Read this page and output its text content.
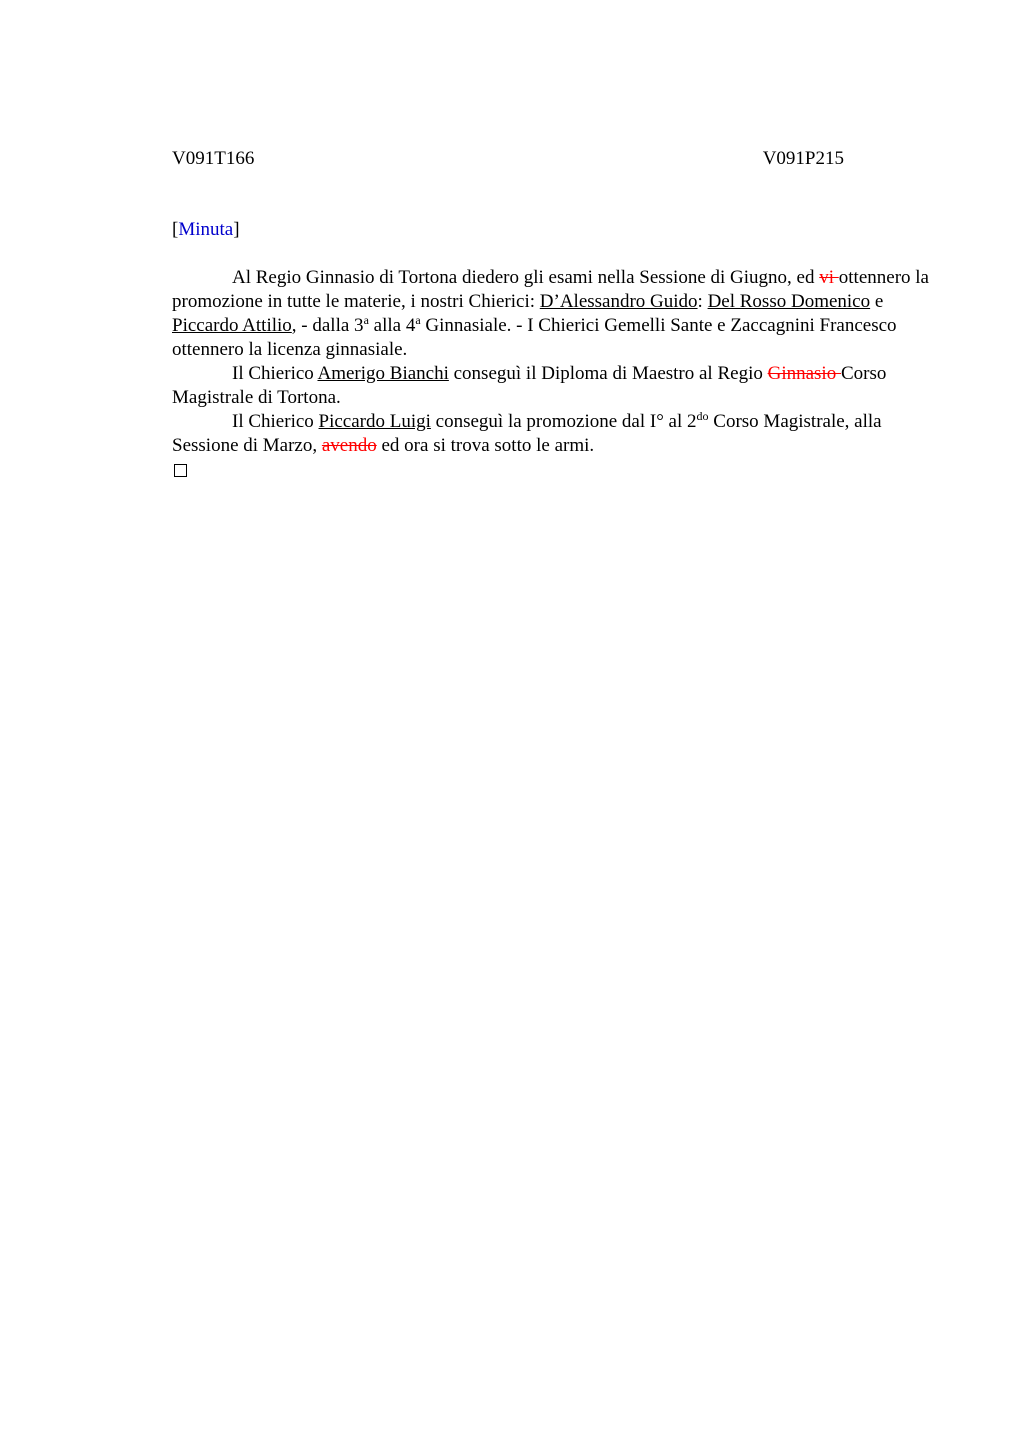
V091T166	V091P215
[Minuta]

Al Regio Ginnasio di Tortona diedero gli esami nella Sessione di Giugno, ed vi ottennero la promozione in tutte le materie, i nostri Chierici: D’Alessandro Guido: Del Rosso Domenico e Piccardo Attilio, - dalla 3$^a$ alla 4$^a$ Ginnasiale. - I Chierici Gemelli Sante e Zaccagnini Francesco ottennero la licenza ginnasiale.

Il Chierico Amerigo Bianchi conseguì il Diploma di Maestro al Regio Ginnasio Corso Magistrale di Tortona.

Il Chierico Piccardo Luigi conseguì la promozione dal I° al $2^{do}$ Corso Magistrale, alla Sessione di Marzo, avendo ed ora si trova sotto le armi.
